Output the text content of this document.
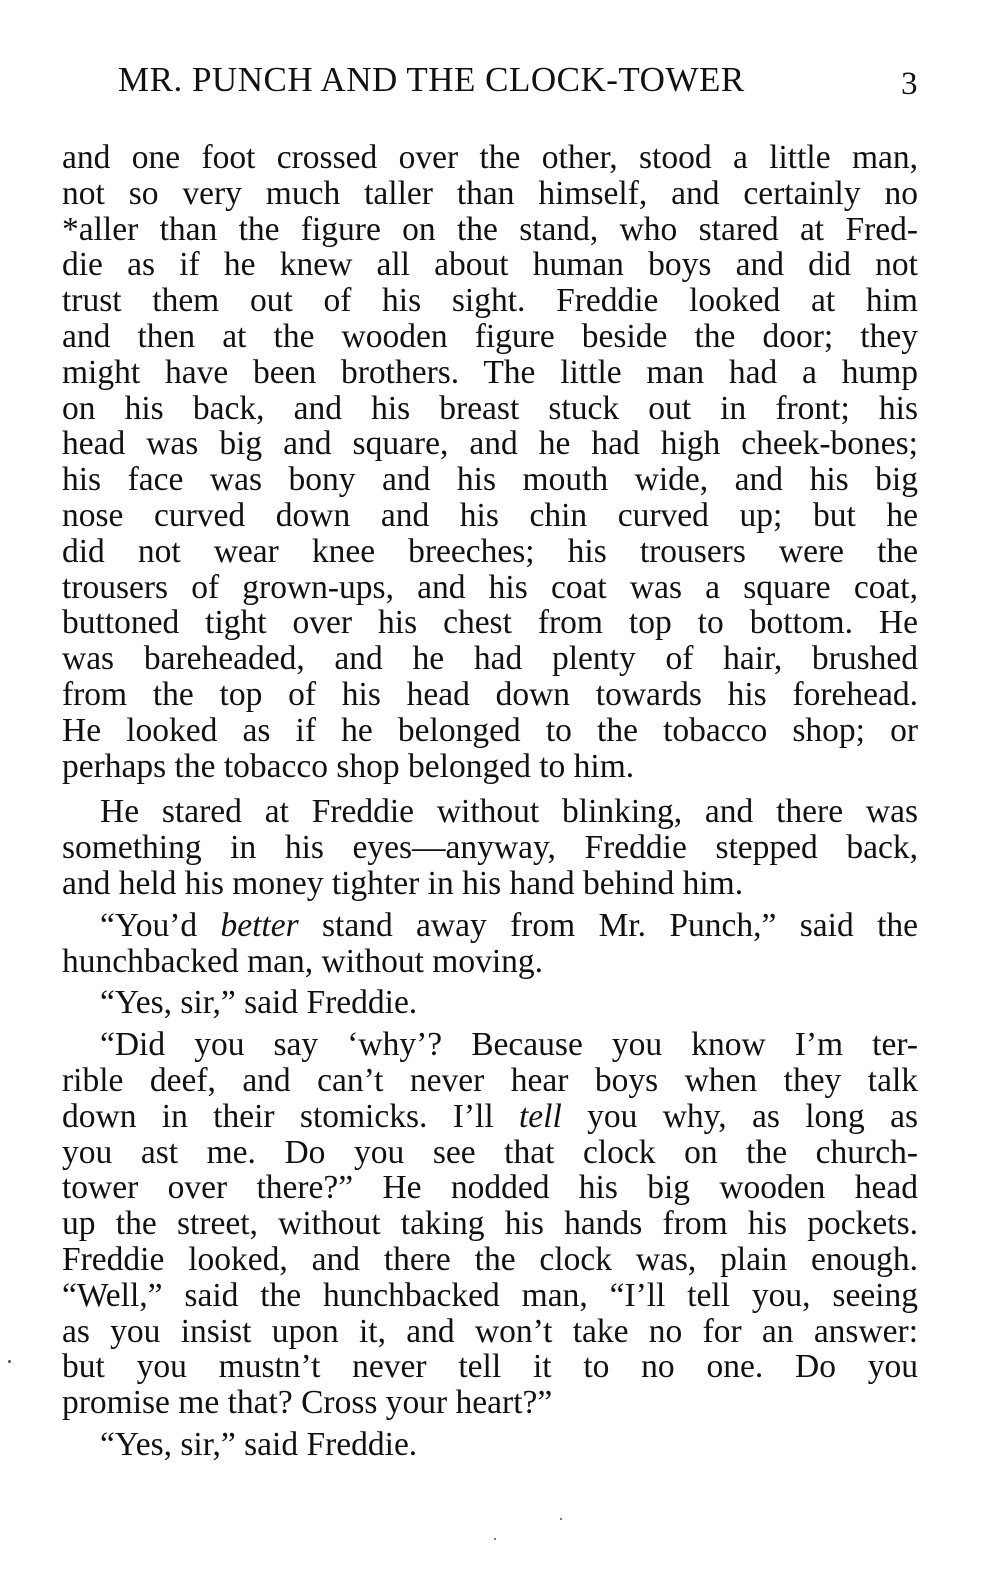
MR. PUNCH AND THE CLOCK-TOWER	3
and one foot crossed over the other, stood a little man,
not so very much taller than himself, and certainly no
*aller than the figure on the stand, who stared at Fred-
die as if he knew all about human boys and did not
trust them out of his sight. Freddie looked at him
and then at the wooden figure beside the door; they
might have been brothers. The little man had a hump
on his back, and his breast stuck out in front; his
head was big and square, and he had high cheek-bones;
his face was bony and his mouth wide, and his big
nose curved down and his chin curved up; but he
did not wear knee breeches; his trousers were the
trousers of grown-ups, and his coat was a square coat,
buttoned tight over his chest from top to bottom. He
was bareheaded, and he had plenty of hair, brushed
from the top of his head down towards his forehead.
He looked as if he belonged to the tobacco shop; or
perhaps the tobacco shop belonged to him.
He stared at Freddie without blinking, and there was
something in his eyes—anyway, Freddie stepped back,
and held his money tighter in his hand behind him.
“You’d better stand away from Mr. Punch,” said the
hunchbacked man, without moving.
“Yes, sir,” said Freddie.
“Did you say ‘why’? Because you know I’m ter-
rible deef, and can’t never hear boys when they talk
down in their stomicks. I’ll tell you why, as long as
you ast me. Do you see that clock on the church-
tower over there?” He nodded his big wooden head
up the street, without taking his hands from his pockets.
Freddie looked, and there the clock was, plain enough.
“Well,” said the hunchbacked man, “I’ll tell you, seeing
as you insist upon it, and won’t take no for an answer:
but you mustn’t never tell it to no one. Do you
promise me that? Cross your heart?”
“Yes, sir,” said Freddie.
